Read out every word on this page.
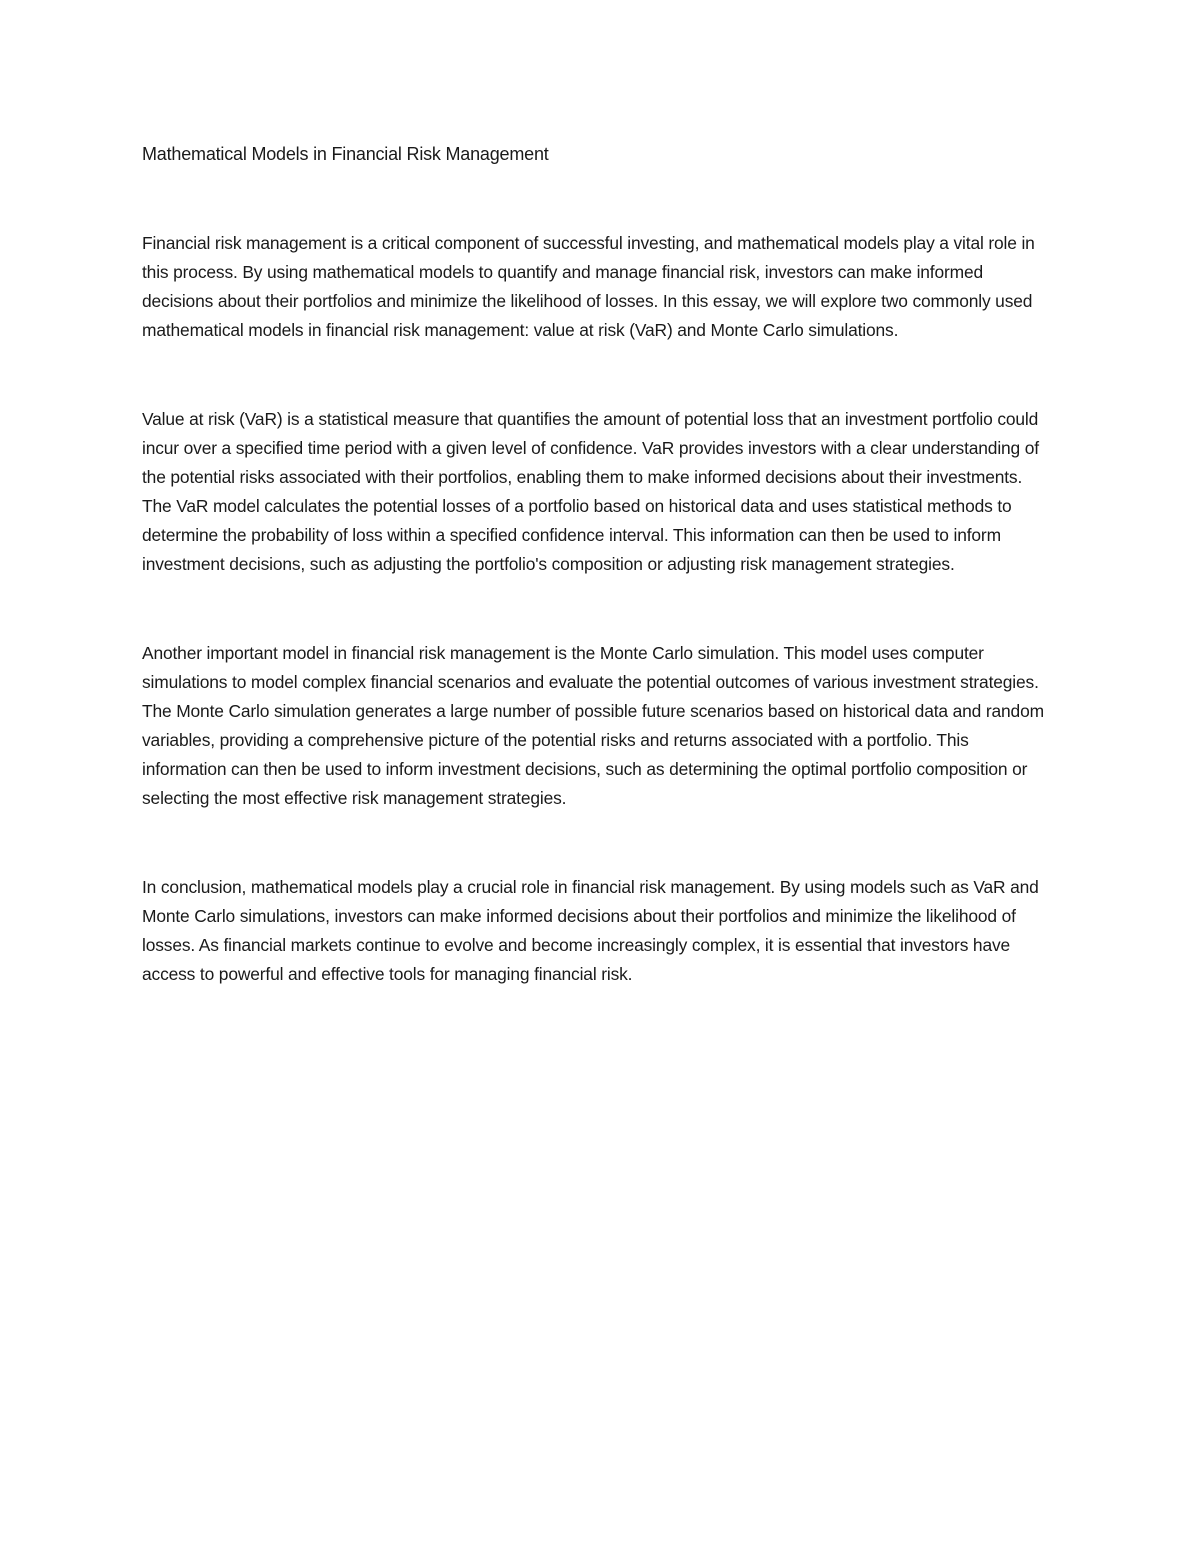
Mathematical Models in Financial Risk Management

Financial risk management is a critical component of successful investing, and mathematical models play a vital role in this process. By using mathematical models to quantify and manage financial risk, investors can make informed decisions about their portfolios and minimize the likelihood of losses. In this essay, we will explore two commonly used mathematical models in financial risk management: value at risk (VaR) and Monte Carlo simulations.

Value at risk (VaR) is a statistical measure that quantifies the amount of potential loss that an investment portfolio could incur over a specified time period with a given level of confidence. VaR provides investors with a clear understanding of the potential risks associated with their portfolios, enabling them to make informed decisions about their investments. The VaR model calculates the potential losses of a portfolio based on historical data and uses statistical methods to determine the probability of loss within a specified confidence interval. This information can then be used to inform investment decisions, such as adjusting the portfolio's composition or adjusting risk management strategies.

Another important model in financial risk management is the Monte Carlo simulation. This model uses computer simulations to model complex financial scenarios and evaluate the potential outcomes of various investment strategies. The Monte Carlo simulation generates a large number of possible future scenarios based on historical data and random variables, providing a comprehensive picture of the potential risks and returns associated with a portfolio. This information can then be used to inform investment decisions, such as determining the optimal portfolio composition or selecting the most effective risk management strategies.

In conclusion, mathematical models play a crucial role in financial risk management. By using models such as VaR and Monte Carlo simulations, investors can make informed decisions about their portfolios and minimize the likelihood of losses. As financial markets continue to evolve and become increasingly complex, it is essential that investors have access to powerful and effective tools for managing financial risk.
